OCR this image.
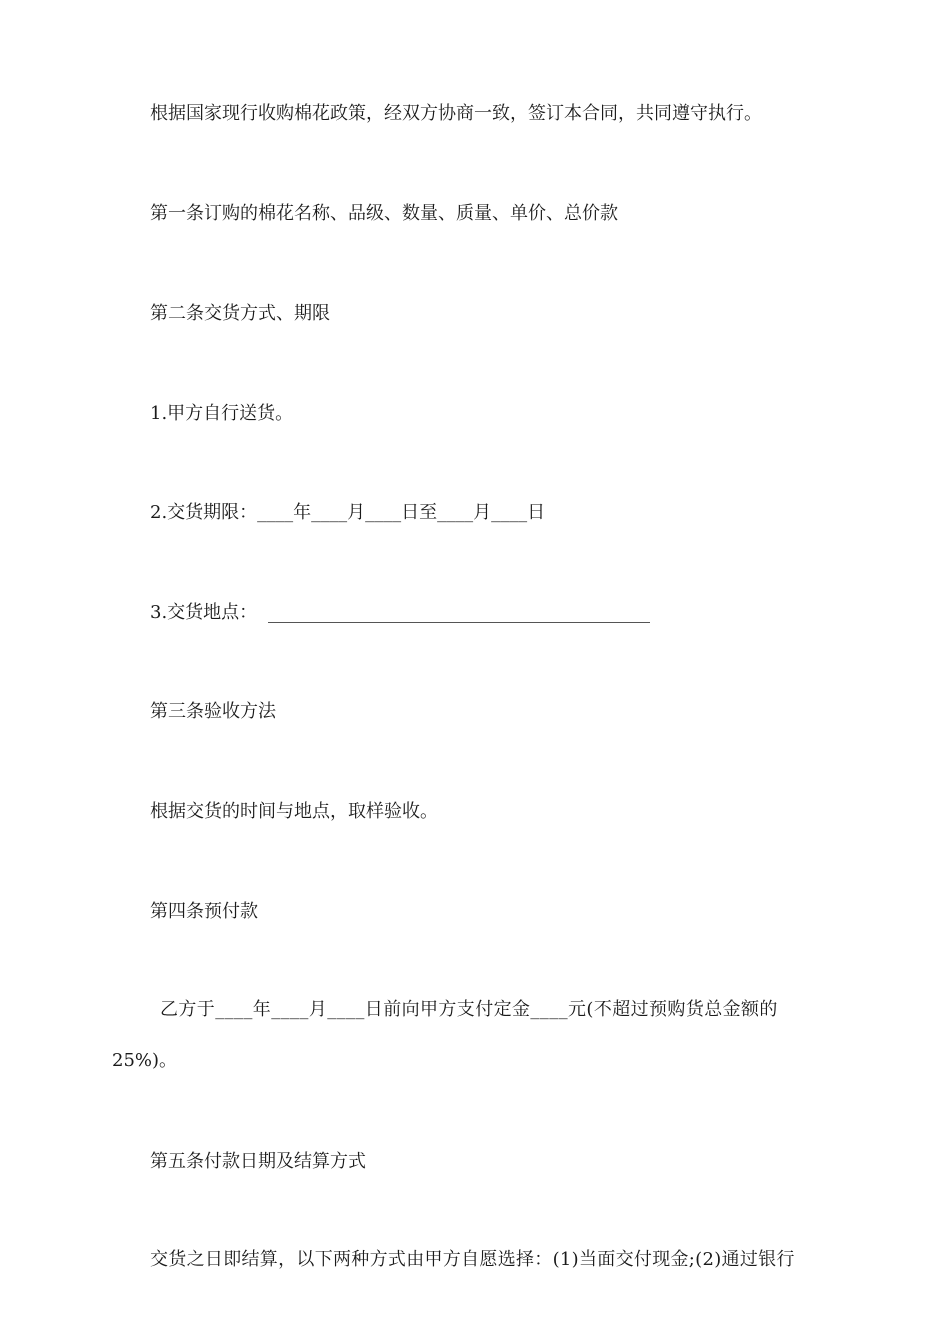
根据国家现行收购棉花政策，经双方协商一致，签订本合同，共同遵守执行。
第一条订购的棉花名称、品级、数量、质量、单价、总价款
第二条交货方式、期限
1.甲方自行送货。
2.交货期限：____年____月____日至____月____日
3.交货地点：
第三条验收方法
根据交货的时间与地点，取样验收。
第四条预付款
乙方于____年____月____日前向甲方支付定金____元(不超过预购货总金额的
25%)。
第五条付款日期及结算方式
交货之日即结算，以下两种方式由甲方自愿选择：(1)当面交付现金;(2)通过银行
